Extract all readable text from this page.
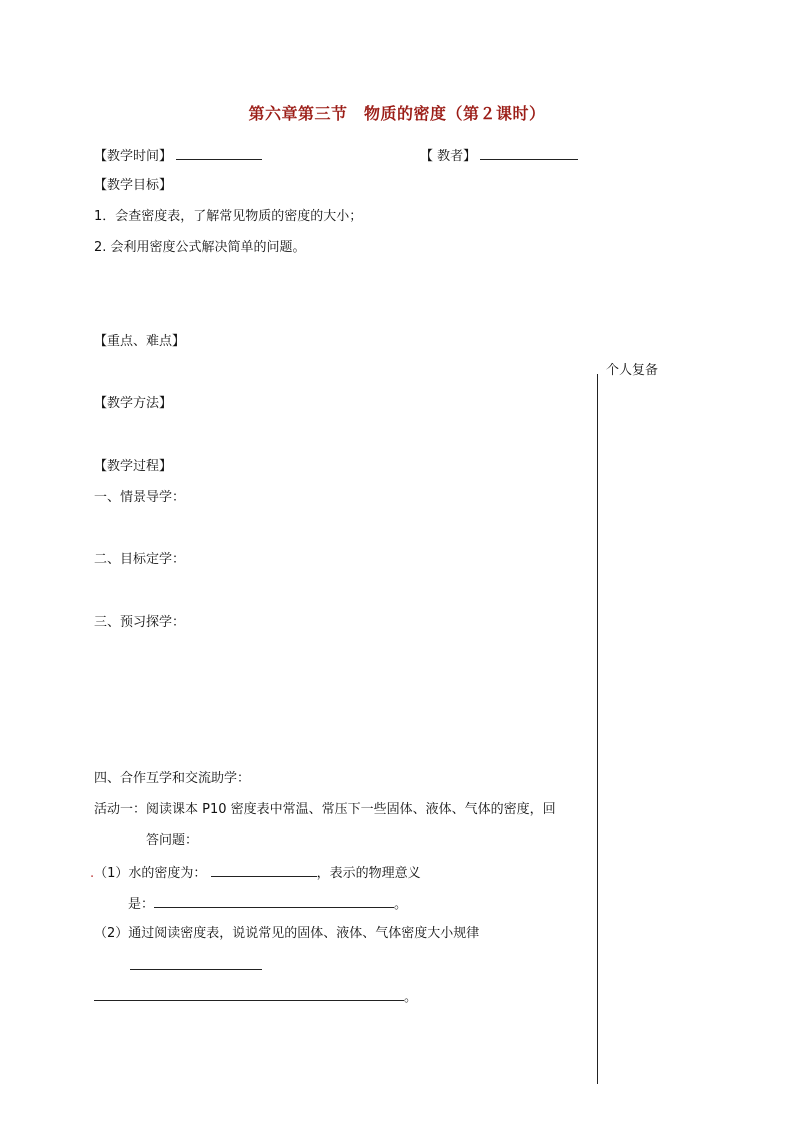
第六章第三节　物质的密度（第２课时）
【教学时间】	【 教者】
【教学目标】
1．会查密度表，了解常见物质的密度的大小；
2. 会利用密度公式解决简单的问题。
【重点、难点】
【教学方法】
【教学过程】
一、情景导学：
二、目标定学：
三、预习探学：
四、合作互学和交流助学：
活动一：阅读课本 P10 密度表中常温、常压下一些固体、液体、气体的密度，回
答问题：
.（1）水的密度为：	，表示的物理意义
是：	。
（2）通过阅读密度表，说说常见的固体、液体、气体密度大小规律
。
个人复备
